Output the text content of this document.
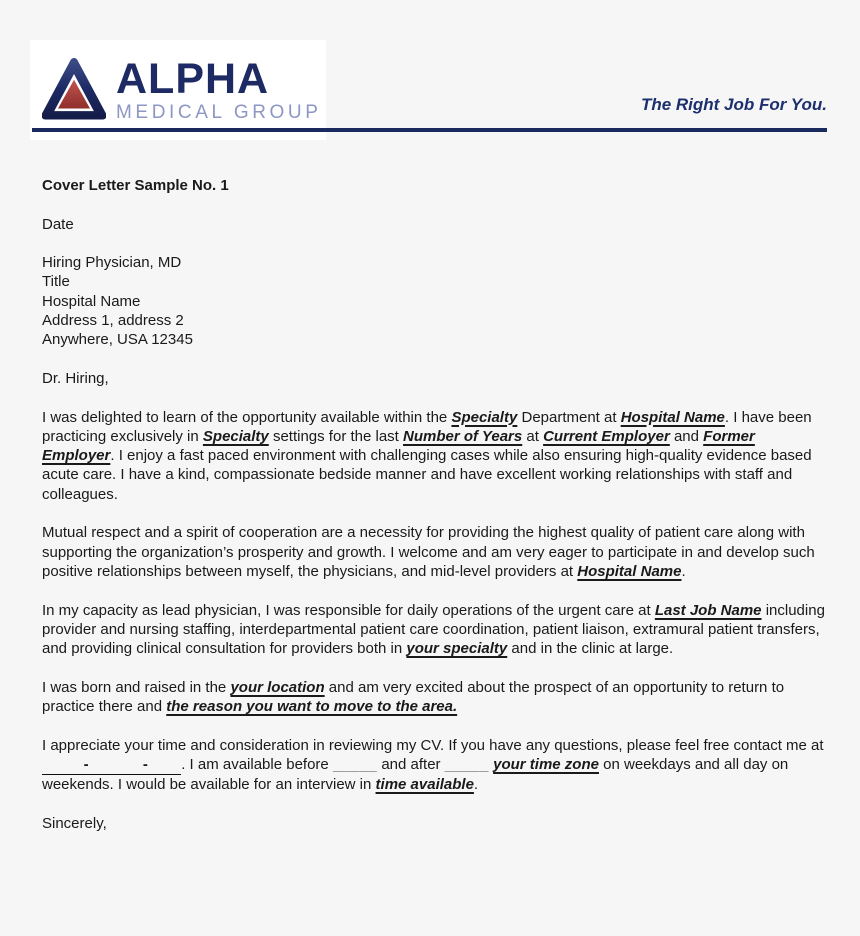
ALPHA
MEDICAL GROUP	The Right Job For You.

Cover Letter Sample No. 1

Date

Hiring Physician, MD
Title
Hospital Name
Address 1, address 2
Anywhere, USA 12345

Dr. Hiring,

I was delighted to learn of the opportunity available within the Specialty Department at Hospital Name. I have been practicing exclusively in Specialty settings for the last Number of Years at Current Employer and Former Employer. I enjoy a fast paced environment with challenging cases while also ensuring high-quality evidence based acute care. I have a kind, compassionate bedside manner and have excellent working relationships with staff and colleagues.

Mutual respect and a spirit of cooperation are a necessity for providing the highest quality of patient care along with supporting the organization’s prosperity and growth. I welcome and am very eager to participate in and develop such positive relationships between myself, the physicians, and mid-level providers at Hospital Name.

In my capacity as lead physician, I was responsible for daily operations of the urgent care at Last Job Name including provider and nursing staffing, interdepartmental patient care coordination, patient liaison, extramural patient transfers, and providing clinical consultation for providers both in your specialty and in the clinic at large.

I was born and raised in the your location and am very excited about the prospect of an opportunity to return to practice there and the reason you want to move to the area.

I appreciate your time and consideration in reviewing my CV. If you have any questions, please feel free contact me at           -             -        . I am available before _____ and after _____ your time zone on weekdays and all day on weekends. I would be available for an interview in time available.

Sincerely,
